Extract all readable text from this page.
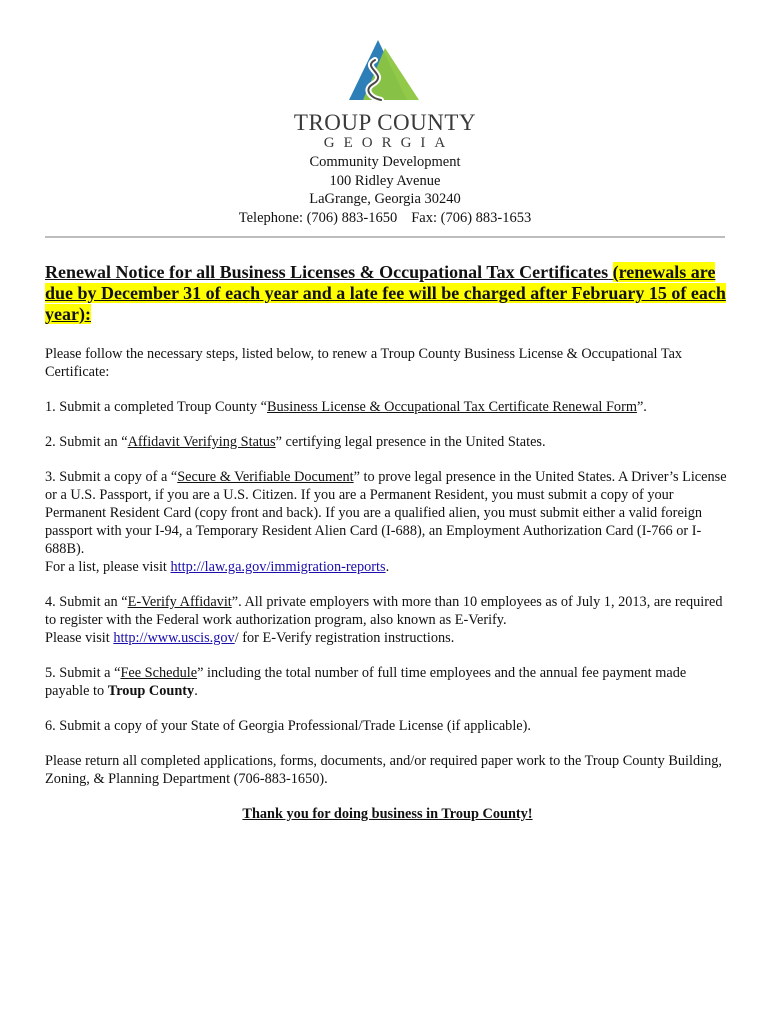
TROUP COUNTY
GEORGIA
Community Development
100 Ridley Avenue
LaGrange, Georgia 30240
Telephone: (706) 883-1650 Fax: (706) 883-1653
Renewal Notice for all Business Licenses & Occupational Tax Certificates (renewals are due by December 31 of each year and a late fee will be charged after February 15 of each year):

Please follow the necessary steps, listed below, to renew a Troup County Business License & Occupational Tax Certificate:

1. Submit a completed Troup County “Business License & Occupational Tax Certificate Renewal Form”.

2. Submit an “Affidavit Verifying Status” certifying legal presence in the United States.

3. Submit a copy of a “Secure & Verifiable Document” to prove legal presence in the United States. A Driver’s License or a U.S. Passport, if you are a U.S. Citizen. If you are a Permanent Resident, you must submit a copy of your Permanent Resident Card (copy front and back). If you are a qualified alien, you must submit either a valid foreign passport with your I-94, a Temporary Resident Alien Card (I-688), an Employment Authorization Card (I-766 or I-688B).
For a list, please visit http://law.ga.gov/immigration-reports.

4. Submit an “E-Verify Affidavit”. All private employers with more than 10 employees as of July 1, 2013, are required to register with the Federal work authorization program, also known as E-Verify.
Please visit http://www.uscis.gov/ for E-Verify registration instructions.

5. Submit a “Fee Schedule” including the total number of full time employees and the annual fee payment made payable to Troup County.

6. Submit a copy of your State of Georgia Professional/Trade License (if applicable).

Please return all completed applications, forms, documents, and/or required paper work to the Troup County Building, Zoning, & Planning Department (706-883-1650).

Thank you for doing business in Troup County!
